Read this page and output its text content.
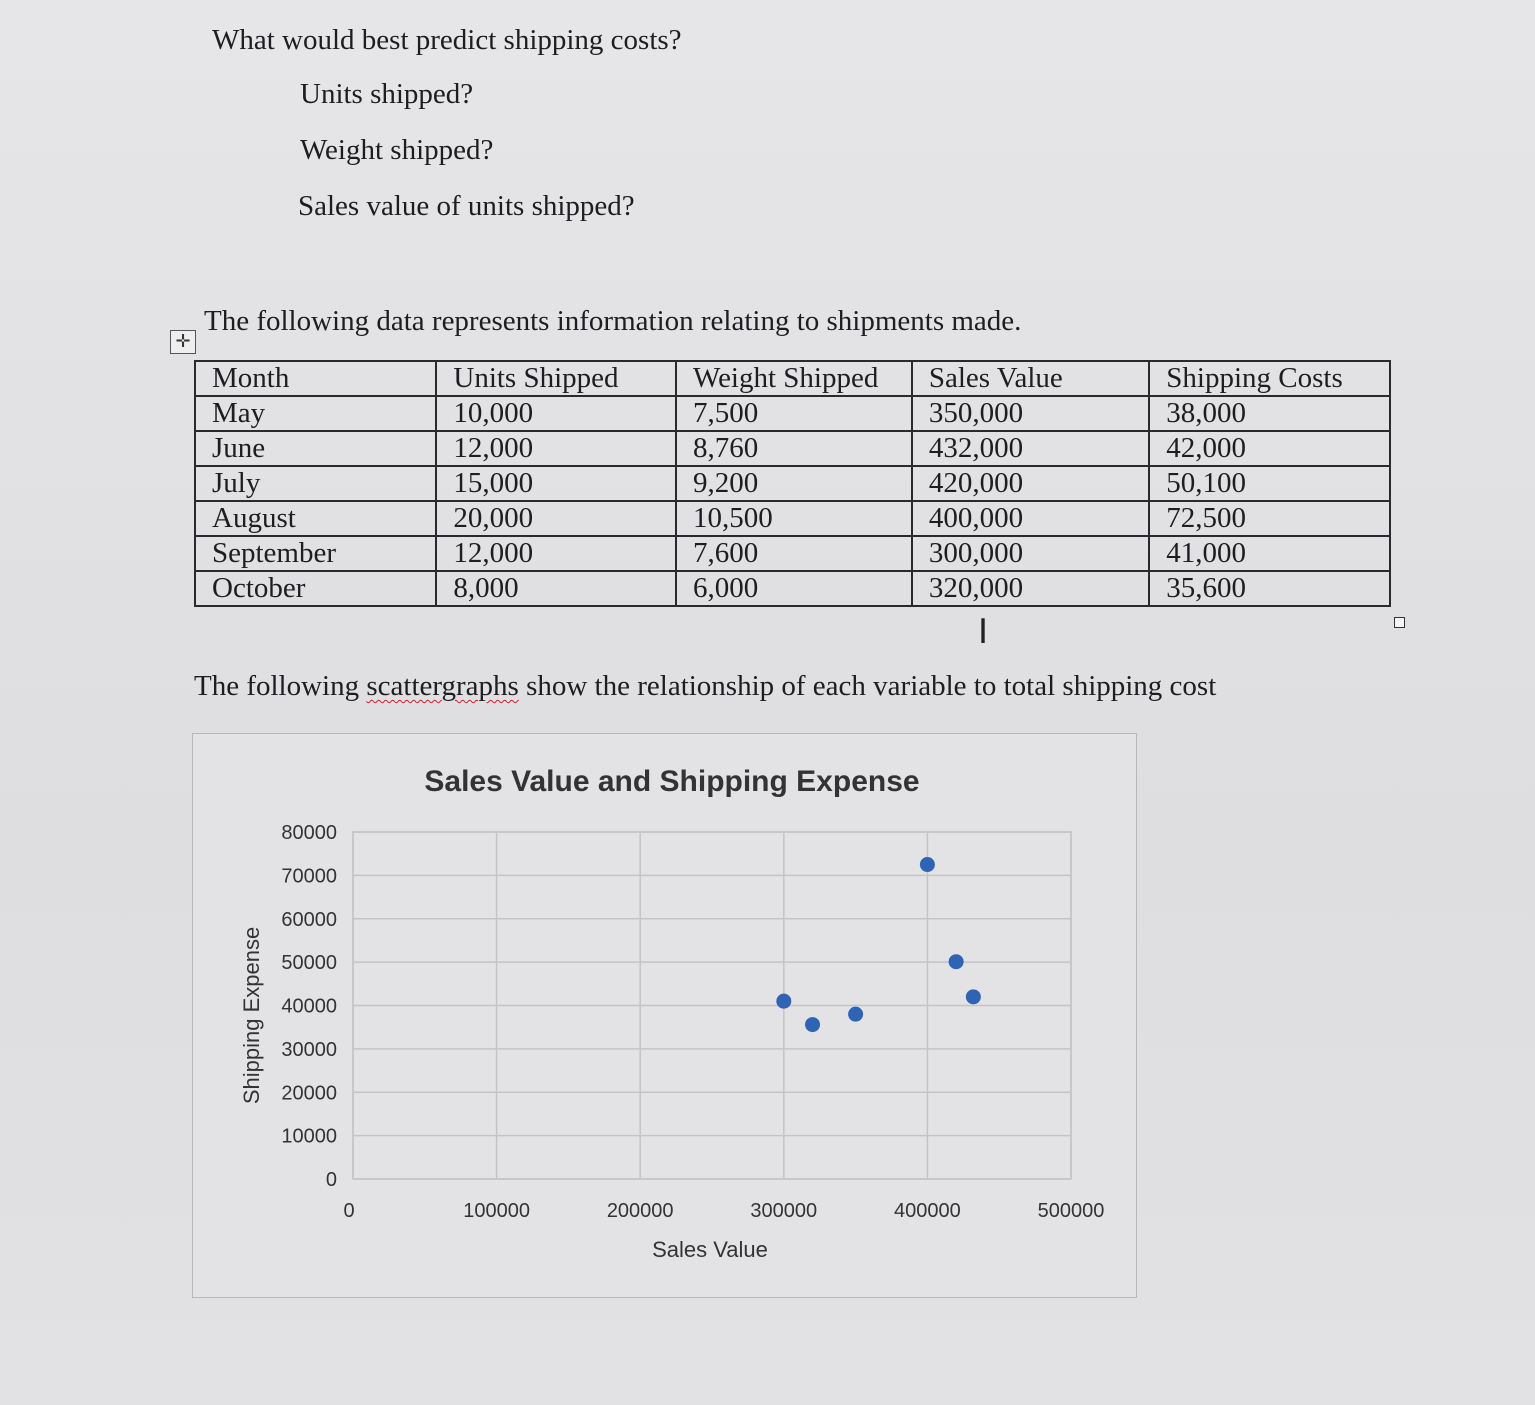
What would best predict shipping costs?
Units shipped?
Weight shipped?
Sales value of units shipped?
The following data represents information relating to shipments made.
✛
Month	Units Shipped	Weight Shipped	Sales Value	Shipping Costs
May	10,000	7,500	350,000	38,000
June	12,000	8,760	432,000	42,000
July	15,000	9,200	420,000	50,100
August	20,000	10,500	400,000	72,500
September	12,000	7,600	300,000	41,000
October	8,000	6,000	320,000	35,600
I
The following scattergraphs show the relationship of each variable to total shipping cost
0
10000
20000
30000
40000
50000
60000
70000
80000
0	100000	200000	300000	400000	500000
Sales Value and Shipping Expense
Sales Value
Shipping Expense
